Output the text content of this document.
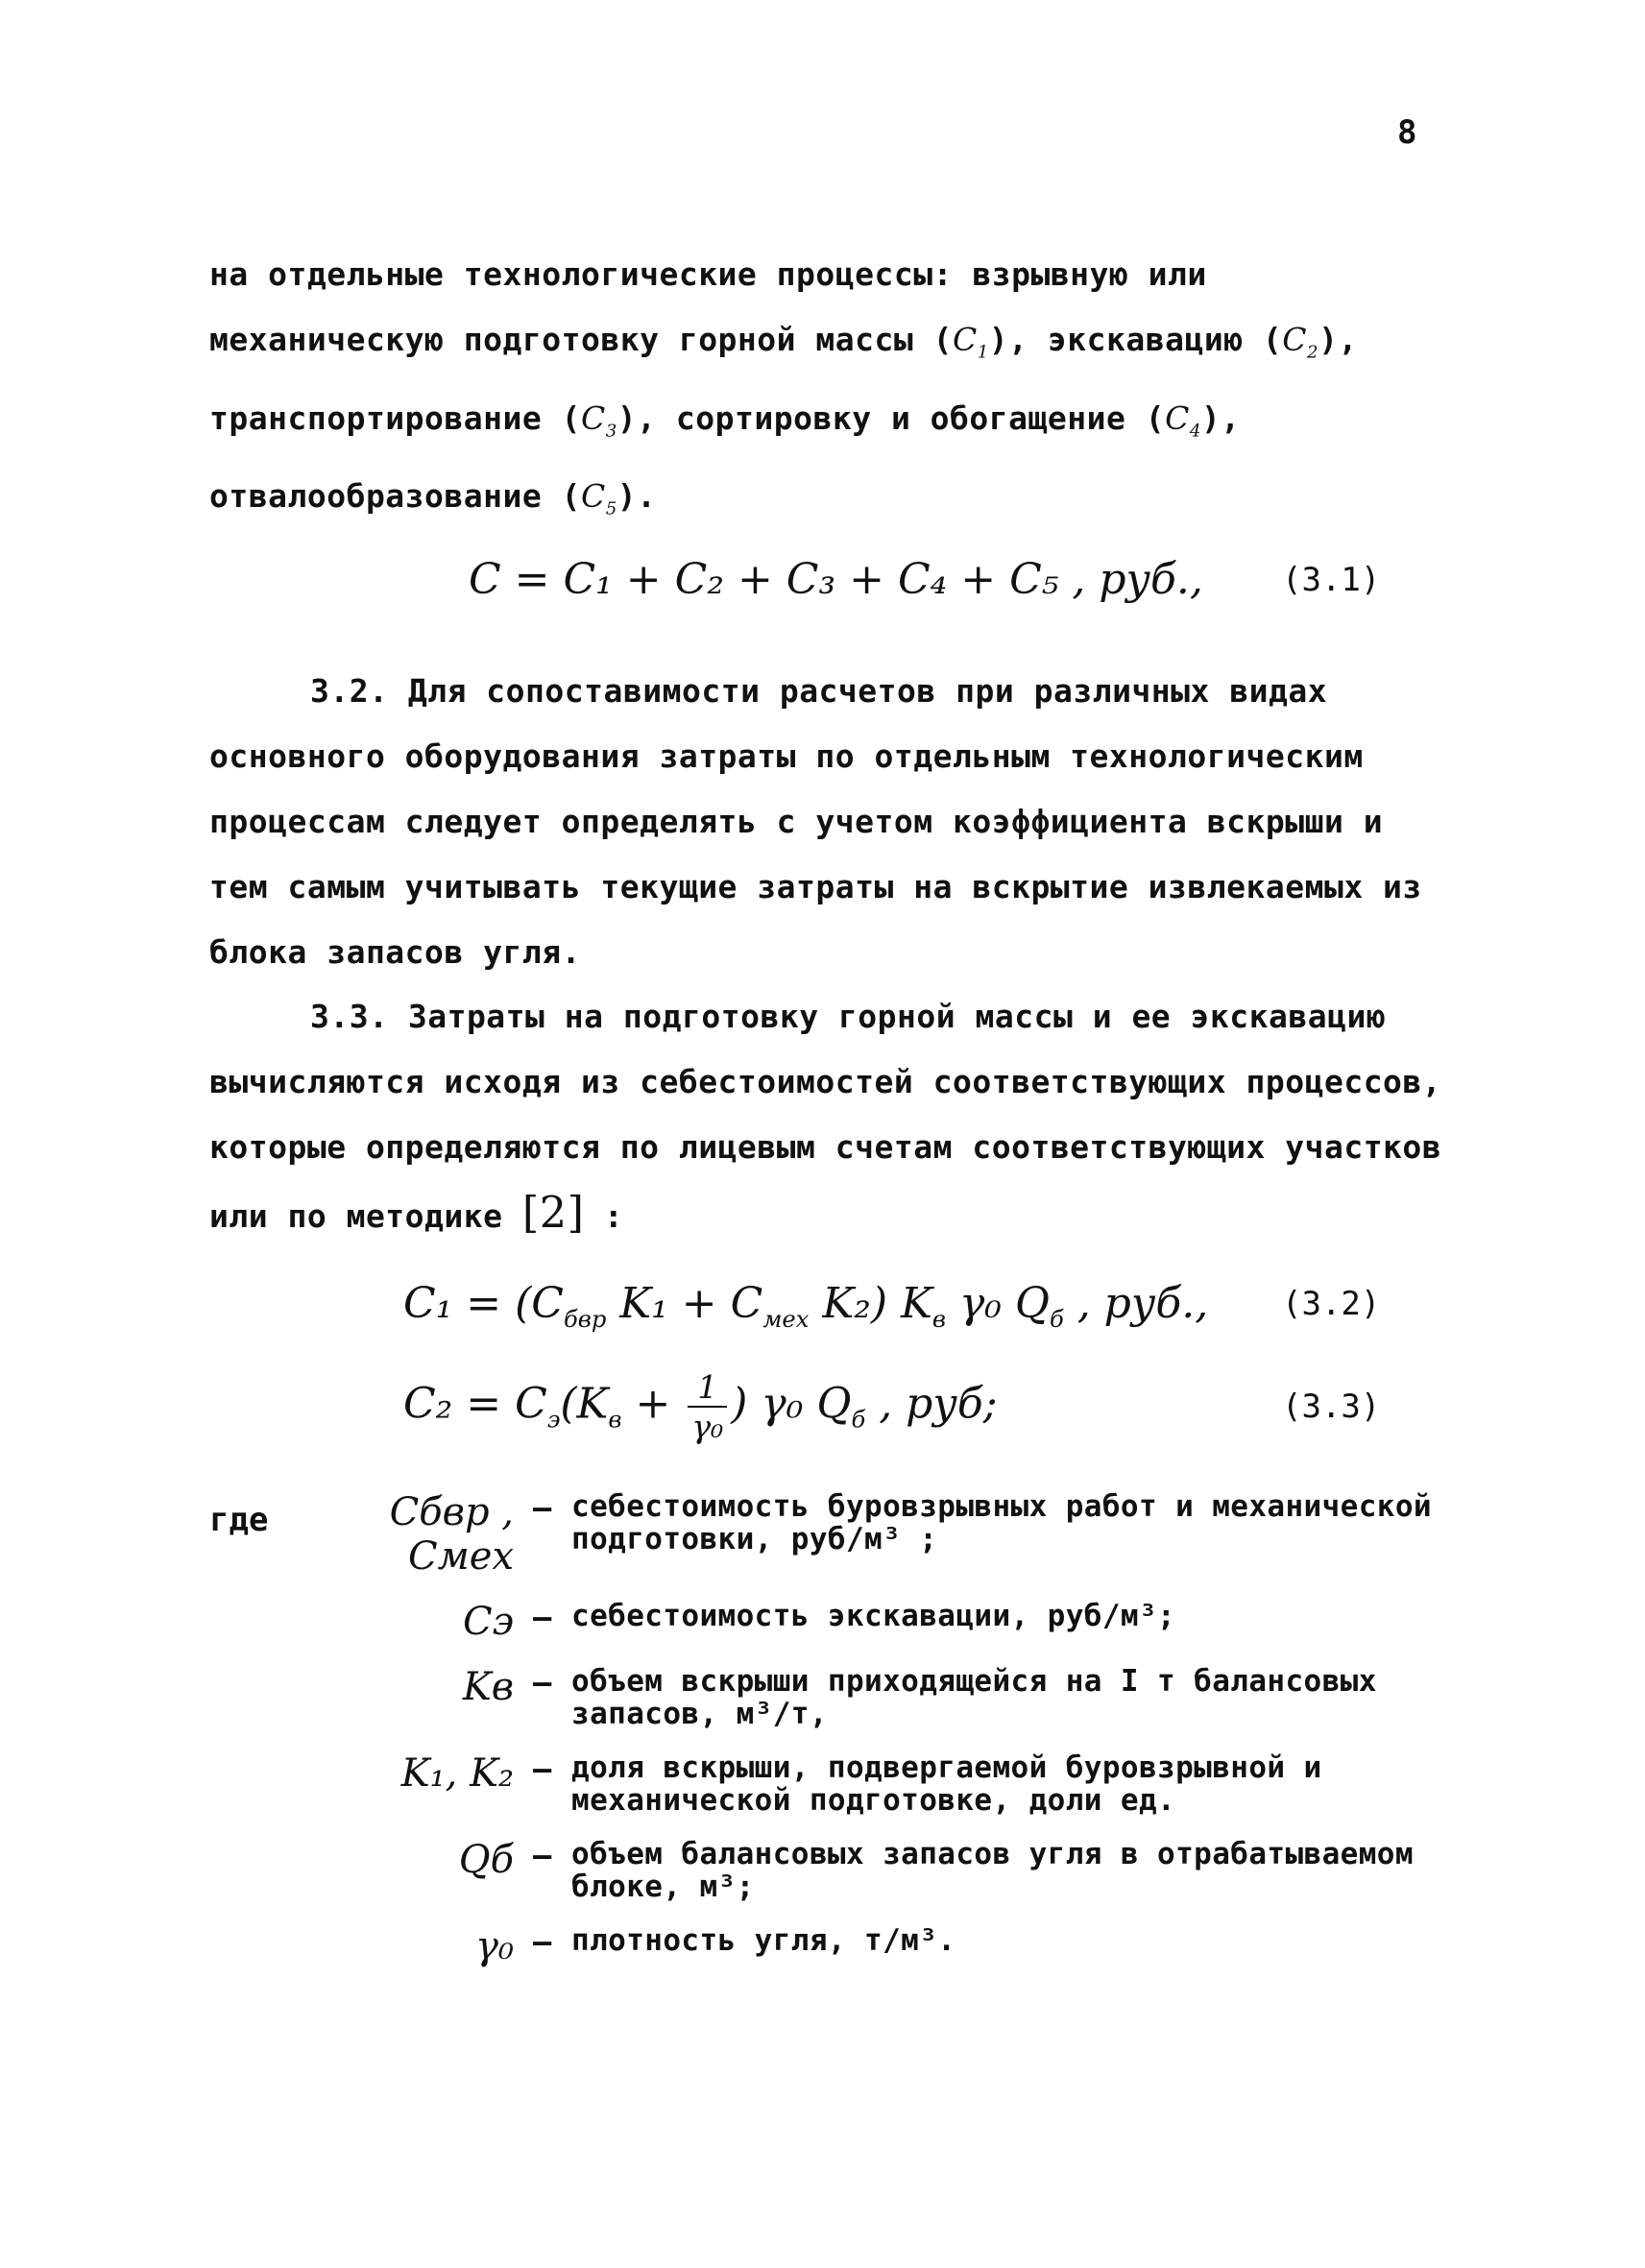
8

на отдельные технологические процессы: взрывную или механическую подготовку горной массы $(C_1)$, экскавацию $(C_2)$, транспортирование $(C_3)$, сортировку и обогащение $(C_4)$, отвалообразование $(C_5)$.

C = C₁ + C₂ + C₃ + C₄ + C₅ , руб., (3.1)

3.2. Для сопоставимости расчетов при различных видах основного оборудования затраты по отдельным технологическим процессам следует определять с учетом коэффициента вскрыши и тем самым учитывать текущие затраты на вскрытие извлекаемых из блока запасов угля.

3.3. Затраты на подготовку горной массы и ее экскавацию вычисляются исходя из себестоимостей соответствующих процессов, которые определяются по лицевым счетам соответствующих участков или по методике [2] :

$C_1 = (C_{бвр}$ $K_1 + C_{мех}$ K₂) $K_в$ γ₀ $Q_б$ , руб., (3.2)
$C_2 = C_э(K_в + \frac{1}{\text{γ₀}}$ ) γ₀ $Q_б$ , руб;	(3.3)
где	Cбвр , Cмех
– себестоимость буровзрывных работ и механической подготовки, руб/м³ ;
Cэ – себестоимость экскавации, руб/м³;
Kв – объем вскрыши приходящейся на I т балансовых запасов, м³/т,
K₁, K₂ – доля вскрыши, подвергаемой буровзрывной и механической подготовке, доли ед.
Qб – объем балансовых запасов угля в отрабатываемом блоке, м³;
γ₀ – плотность угля, т/м³.
